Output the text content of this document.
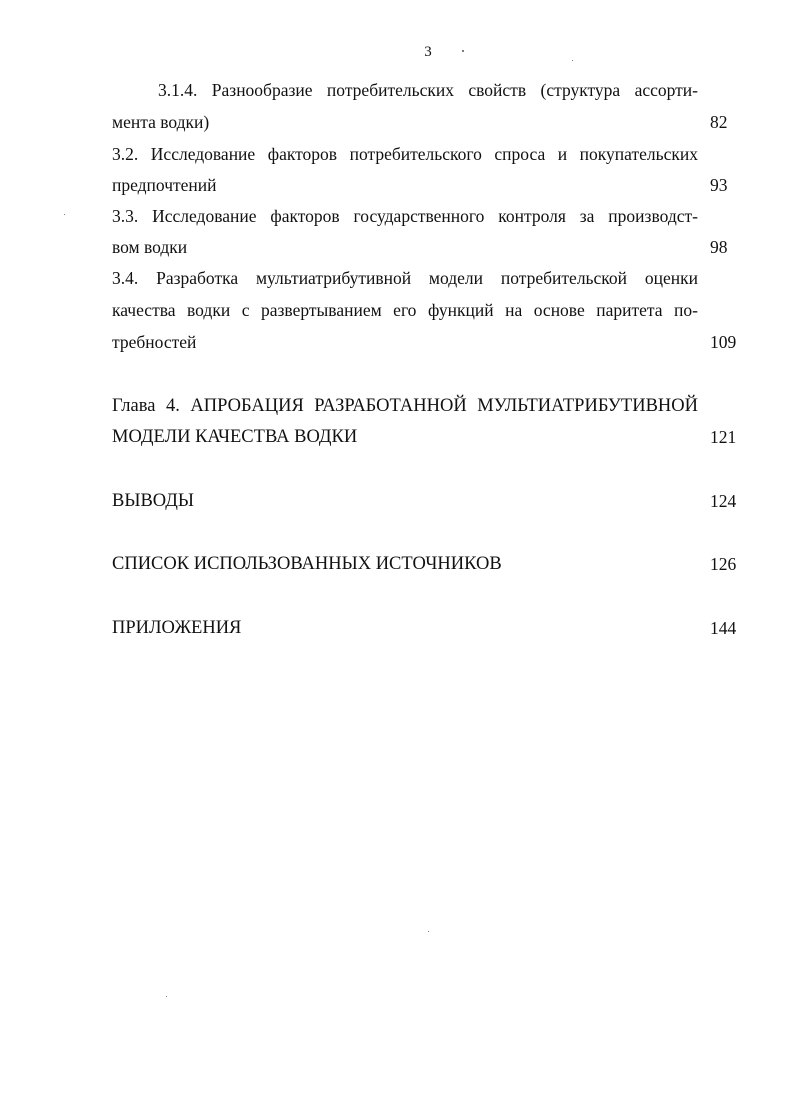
3
3.1.4. Разнообразие потребительских свойств (структура ассорти-
мента водки)	82
3.2. Исследование факторов потребительского спроса и покупательских
предпочтений	93
3.3. Исследование факторов государственного контроля за производст-
вом водки	98
3.4. Разработка мультиатрибутивной модели потребительской оценки
качества водки с развертыванием его функций на основе паритета по-
требностей	109
Глава 4. АПРОБАЦИЯ РАЗРАБОТАННОЙ МУЛЬТИАТРИБУТИВНОЙ
МОДЕЛИ КАЧЕСТВА ВОДКИ	121
ВЫВОДЫ	124
СПИСОК ИСПОЛЬЗОВАННЫХ ИСТОЧНИКОВ	126
ПРИЛОЖЕНИЯ	144
